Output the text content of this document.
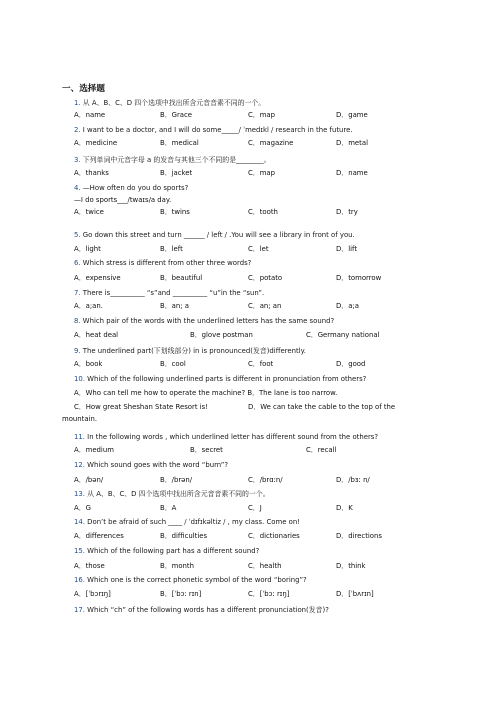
一、选择题
1. 从 A、B、C、D 四个选项中找出所含元音音素不同的一个。
A．name	B．Grace	C．map	D．game
2. I want to be a doctor, and I will do some_____/ ˈmedɪkl / research in the future.
A．medicine	B．medical	C．magazine	D．metal
3. 下列单词中元音字母 a 的发音与其他三个不同的是________。
A．thanks	B．jacket	C．map	D．name
4. —How often do you do sports?
—I do sports___/twaɪs/a day.
A．twice	B．twins	C．tooth	D．try
5. Go down this street and turn ______ / left / .You will see a library in front of you.
A．light	B．left	C．let	D．lift
6. Which stress is different from other three words?
A．expensive	B．beautiful	C．potato	D．tomorrow
7. There is__________ “s”and __________ “u”in the “sun”.
A．a;an.	B．an; a	C．an; an	D．a;a
8. Which pair of the words with the underlined letters has the same sound?
A．heat deal	B．glove postman	C．Germany national
9. The underlined part(下划线部分) in is pronounced(发音)differently.
A．book	B．cool	C．foot	D．good
10. Which of the following underlined parts is different in pronunciation from others?
A．Who can tell me how to operate the machine? B．The lane is too narrow.
C．How great Sheshan State Resort is!	D．We can take the cable to the top of the
mountain.
11. In the following words , which underlined letter has different sound from the others?
A．medium	B．secret	C．recall
12. Which sound goes with the word “burn”?
A．/bən/	B．/brən/	C．/brɑːn/	D．/bɜː n/
13. 从 A、B、C、D 四个选项中找出所含元音音素不同的一个。
A．G	B．A	C．J	D．K
14. Don’t be afraid of such ____ / ˈdɪfɪkəltiz / , my class. Come on!
A．differences	B．difficulties	C．dictionaries	D．directions
15. Which of the following part has a different sound?
A．those	B．month	C．health	D．think
16. Which one is the correct phonetic symbol of the word “boring”?
A．[ˈbɔrɪŋ]	B．[ˈbɔː rɪn]	C．[ˈbɔː rɪŋ]	D．[ˈbʌrɪn]
17. Which “ch” of the following words has a different pronunciation(发音)?
